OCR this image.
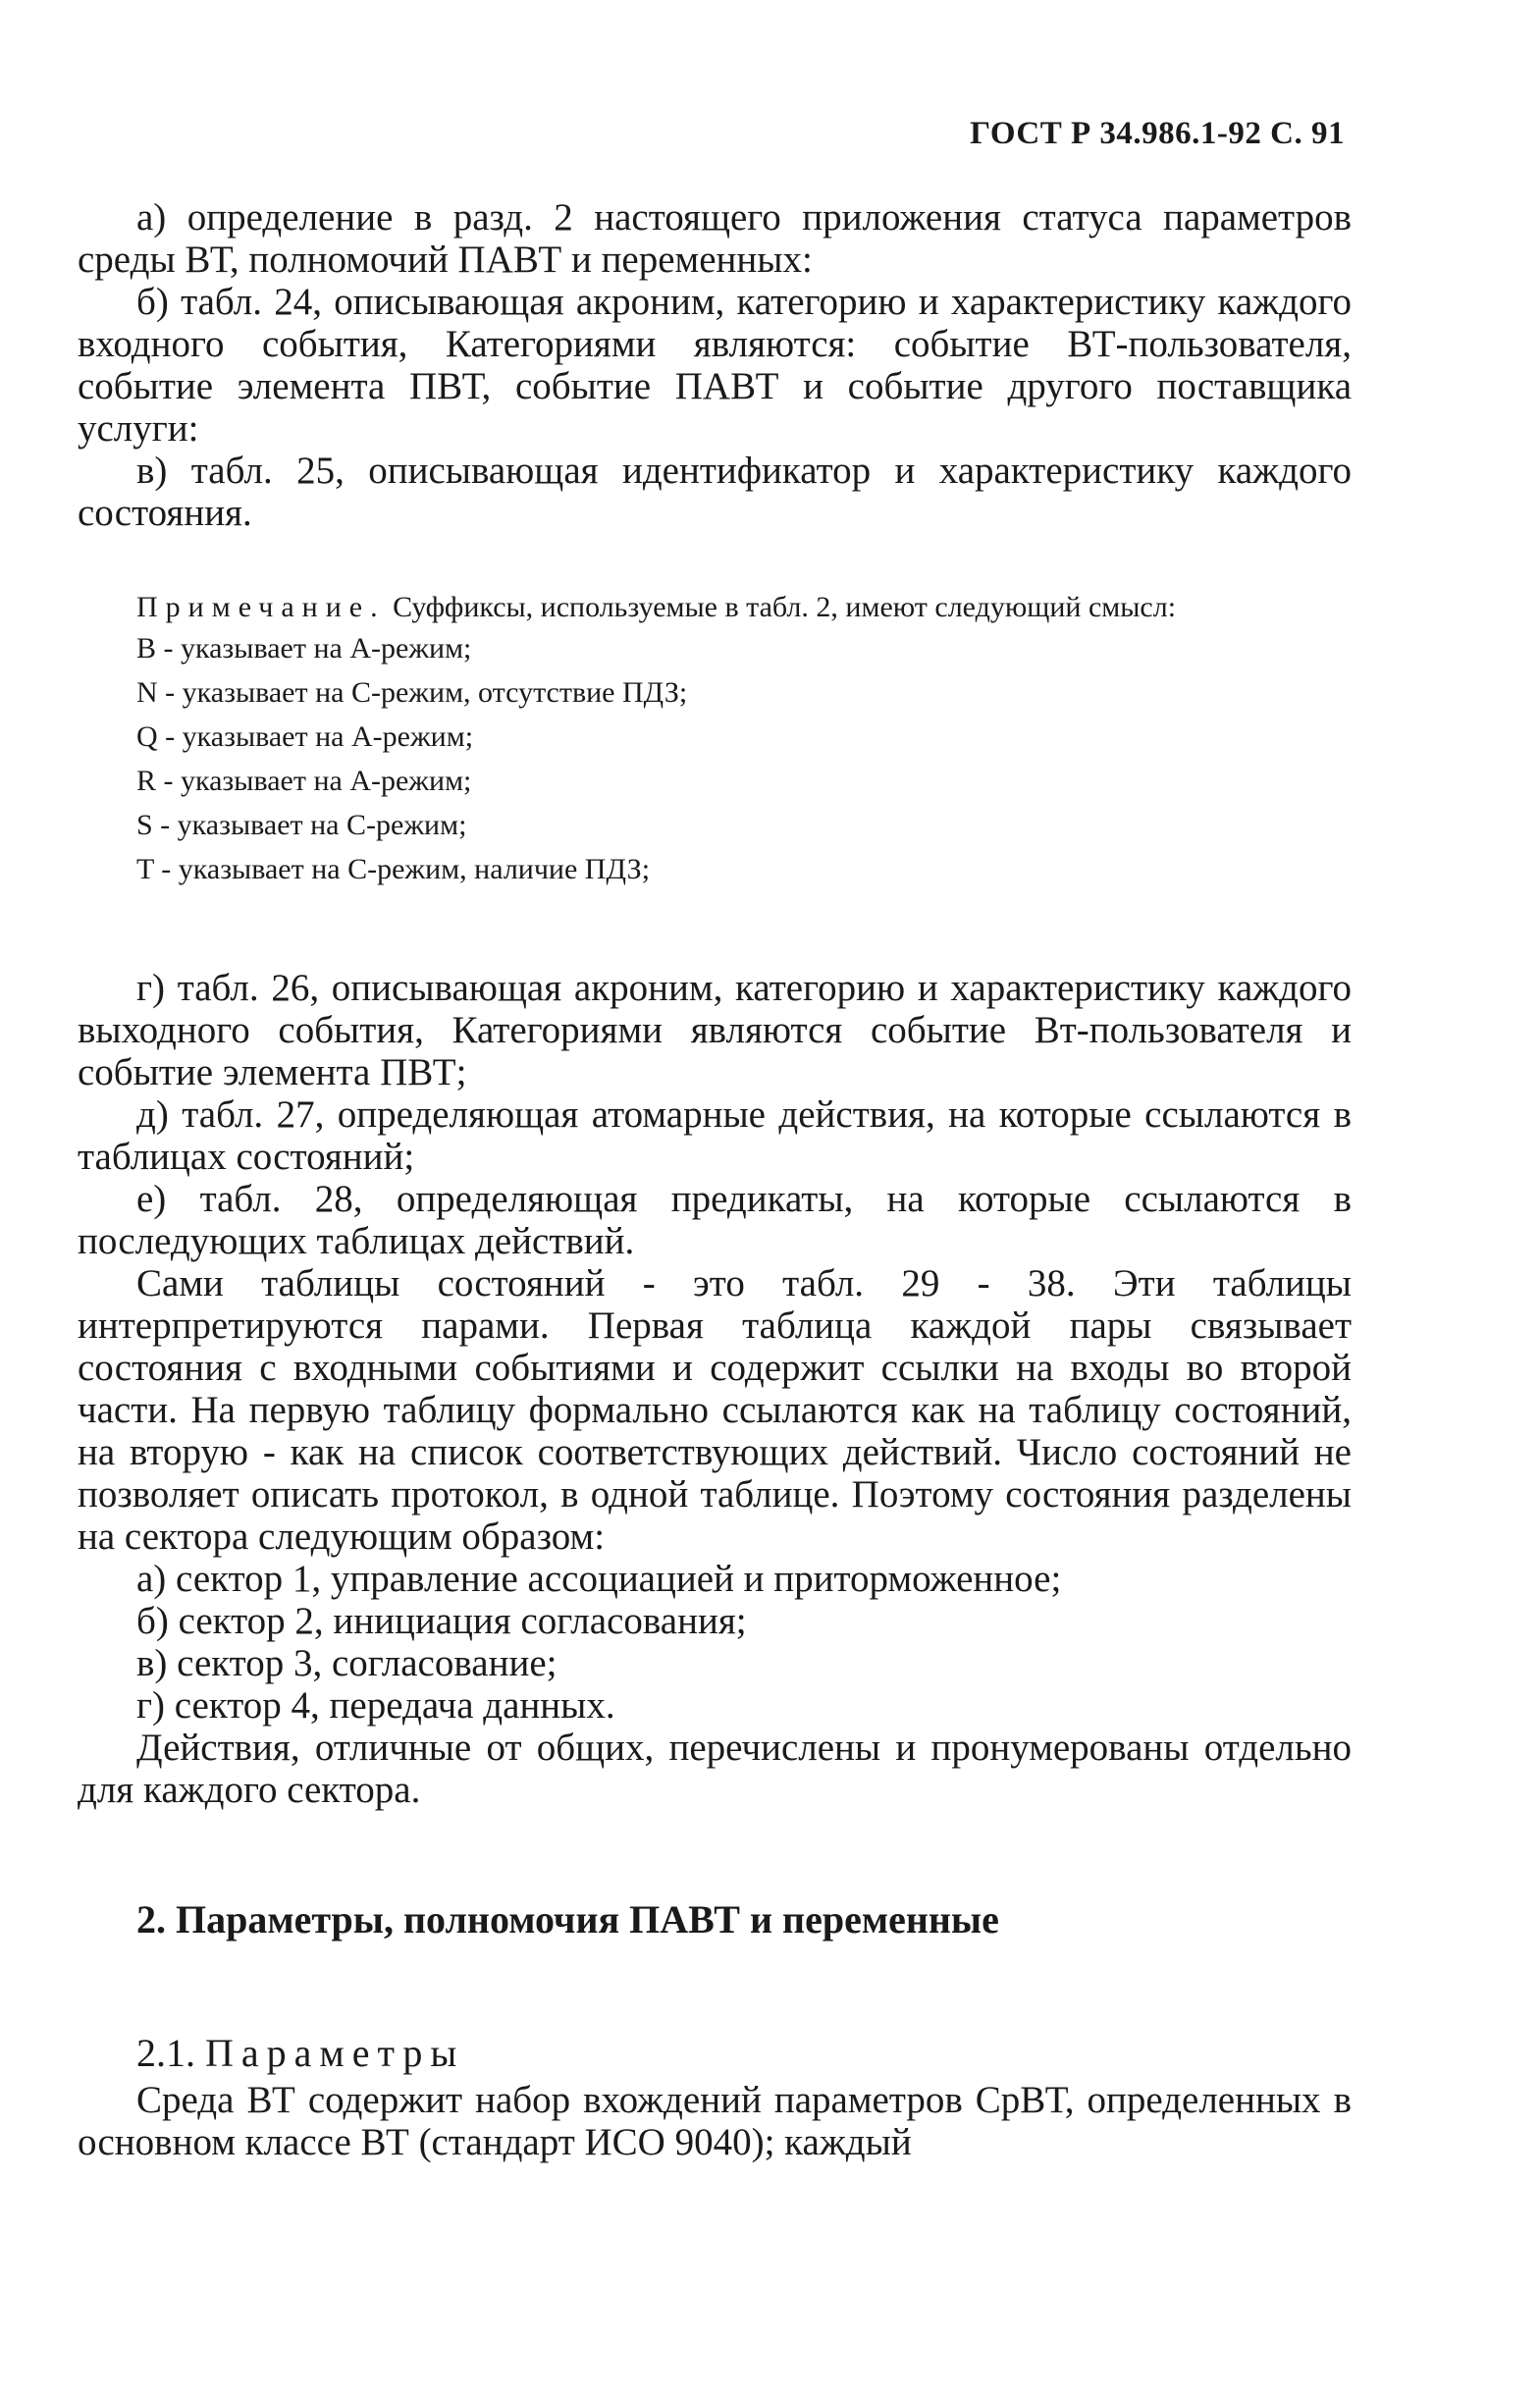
ГОСТ Р 34.986.1-92 С. 91

а) определение в разд. 2 настоящего приложения статуса параметров среды ВТ, полномочий ПАВТ и переменных:

б) табл. 24, описывающая акроним, категорию и характеристику каждого входного события, Категориями являются: событие ВТ-пользователя, событие элемента ПВТ, событие ПАВТ и событие другого поставщика услуги:

в) табл. 25, описывающая идентификатор и характеристику каждого состояния.

Примечание. Суффиксы, используемые в табл. 2, имеют следующий смысл:

B - указывает на А-режим;

N - указывает на С-режим, отсутствие ПДЗ;

Q - указывает на А-режим;

R - указывает на А-режим;

S - указывает на С-режим;

T - указывает на С-режим, наличие ПДЗ;

г) табл. 26, описывающая акроним, категорию и характеристику каждого выходного события, Категориями являются событие Вт-пользователя и событие элемента ПВТ;

д) табл. 27, определяющая атомарные действия, на которые ссылаются в таблицах состояний;

е) табл. 28, определяющая предикаты, на которые ссылаются в последующих таблицах действий.

Сами таблицы состояний - это табл. 29 - 38. Эти таблицы интерпретируются парами. Первая таблица каждой пары связывает состояния с входными событиями и содержит ссылки на входы во второй части. На первую таблицу формально ссылаются как на таблицу состояний, на вторую - как на список соответствующих действий. Число состояний не позволяет описать протокол, в одной таблице. Поэтому состояния разделены на сектора следующим образом:

а) сектор 1, управление ассоциацией и приторможенное;

б) сектор 2, инициация согласования;

в) сектор 3, согласование;

г) сектор 4, передача данных.

Действия, отличные от общих, перечислены и пронумерованы отдельно для каждого сектора.

2. Параметры, полномочия ПАВТ и переменные
2.1. Параметры

Среда ВТ содержит набор вхождений параметров СрВТ, определенных в основном классе ВТ (стандарт ИСО 9040); каждый
